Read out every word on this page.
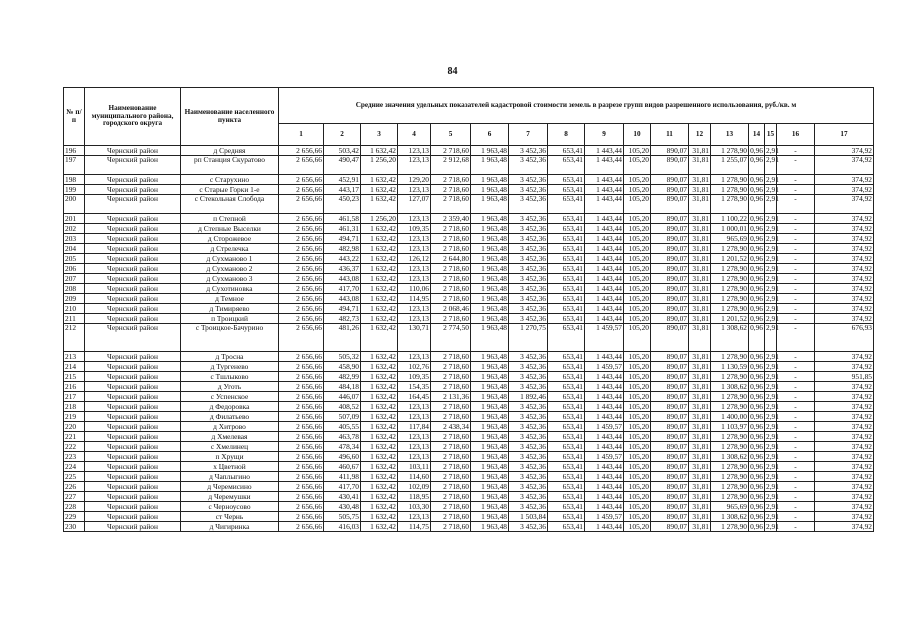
84
№ п/п	Наименование муниципального района, городского округа	Наименование населенного пункта	Средние значения удельных показателей кадастровой стоимости земель в разрезе групп видов разрешенного использования, руб./кв. м																
			1	2	3	4	5	6	7	8	9	10	11	12	13	14	15	16	17
196	Чернский район	д Средняя	2 656,66	503,42	1 632,42	123,13	2 718,60	1 963,48	3 452,36	653,41	1 443,44	105,20	890,07	31,81	1 278,90	0,96	2,91	-	374,92
197	Чернский район	рп Станция Скуратово	2 656,66	490,47	1 256,20	123,13	2 912,68	1 963,48	3 452,36	653,41	1 443,44	105,20	890,07	31,81	1 255,07	0,96	2,91	-	374,92
198	Чернский район	с Старухино	2 656,66	452,91	1 632,42	129,20	2 718,60	1 963,48	3 452,36	653,41	1 443,44	105,20	890,07	31,81	1 278,90	0,96	2,91	-	374,92
199	Чернский район	с Старые Горки 1-е	2 656,66	443,17	1 632,42	123,13	2 718,60	1 963,48	3 452,36	653,41	1 443,44	105,20	890,07	31,81	1 278,90	0,96	2,91	-	374,92
200	Чернский район	с Стекольная Слобода	2 656,66	450,23	1 632,42	127,07	2 718,60	1 963,48	3 452,36	653,41	1 443,44	105,20	890,07	31,81	1 278,90	0,96	2,91	-	374,92
201	Чернский район	п Степной	2 656,66	461,58	1 256,20	123,13	2 359,40	1 963,48	3 452,36	653,41	1 443,44	105,20	890,07	31,81	1 100,22	0,96	2,91	-	374,92
202	Чернский район	д Степные Выселки	2 656,66	461,31	1 632,42	109,35	2 718,60	1 963,48	3 452,36	653,41	1 443,44	105,20	890,07	31,81	1 000,01	0,96	2,91	-	374,92
203	Чернский район	д Сторожевое	2 656,66	494,71	1 632,42	123,13	2 718,60	1 963,48	3 452,36	653,41	1 443,44	105,20	890,07	31,81	965,69	0,96	2,91	-	374,92
204	Чернский район	д Стрелечка	2 656,66	482,98	1 632,42	123,13	2 718,60	1 963,48	3 452,36	653,41	1 443,44	105,20	890,07	31,81	1 278,90	0,96	2,91	-	374,92
205	Чернский район	д Сухманово 1	2 656,66	443,22	1 632,42	126,12	2 644,80	1 963,48	3 452,36	653,41	1 443,44	105,20	890,07	31,81	1 201,52	0,96	2,91	-	374,92
206	Чернский район	д Сухманово 2	2 656,66	436,37	1 632,42	123,13	2 718,60	1 963,48	3 452,36	653,41	1 443,44	105,20	890,07	31,81	1 278,90	0,96	2,91	-	374,92
207	Чернский район	д Сухманово 3	2 656,66	443,08	1 632,42	123,13	2 718,60	1 963,48	3 452,36	653,41	1 443,44	105,20	890,07	31,81	1 278,90	0,96	2,91	-	374,92
208	Чернский район	д Сухотиновка	2 656,66	417,70	1 632,42	110,06	2 718,60	1 963,48	3 452,36	653,41	1 443,44	105,20	890,07	31,81	1 278,90	0,96	2,91	-	374,92
209	Чернский район	д Темное	2 656,66	443,08	1 632,42	114,95	2 718,60	1 963,48	3 452,36	653,41	1 443,44	105,20	890,07	31,81	1 278,90	0,96	2,91	-	374,92
210	Чернский район	д Тимиряево	2 656,66	494,71	1 632,42	123,13	2 068,46	1 963,48	3 452,36	653,41	1 443,44	105,20	890,07	31,81	1 278,90	0,96	2,91	-	374,92
211	Чернский район	п Троицкий	2 656,66	482,73	1 632,42	123,13	2 718,60	1 963,48	3 452,36	653,41	1 443,44	105,20	890,07	31,81	1 201,52	0,96	2,91	-	374,92
212	Чернский район	с Троицкое-Бачурино	2 656,66	481,26	1 632,42	130,71	2 774,50	1 963,48	1 270,75	653,41	1 459,57	105,20	890,07	31,81	1 308,62	0,96	2,91	-	676,93
213	Чернский район	д Тросна	2 656,66	505,32	1 632,42	123,13	2 718,60	1 963,48	3 452,36	653,41	1 443,44	105,20	890,07	31,81	1 278,90	0,96	2,91	-	374,92
214	Чернский район	д Тургенево	2 656,66	458,90	1 632,42	102,76	2 718,60	1 963,48	3 452,36	653,41	1 459,57	105,20	890,07	31,81	1 130,59	0,96	2,91	-	374,92
215	Чернский район	с Тшлыково	2 656,66	482,99	1 632,42	109,35	2 718,60	1 963,48	3 452,36	653,41	1 443,44	105,20	890,07	31,81	1 278,90	0,96	2,91	-	951,85
216	Чернский район	д Уготь	2 656,66	484,18	1 632,42	154,35	2 718,60	1 963,48	3 452,36	653,41	1 443,44	105,20	890,07	31,81	1 308,62	0,96	2,91	-	374,92
217	Чернский район	с Успенское	2 656,66	446,07	1 632,42	164,45	2 131,36	1 963,48	1 892,46	653,41	1 443,44	105,20	890,07	31,81	1 278,90	0,96	2,91	-	374,92
218	Чернский район	д Федоровка	2 656,66	408,52	1 632,42	123,13	2 718,60	1 963,48	3 452,36	653,41	1 443,44	105,20	890,07	31,81	1 278,90	0,96	2,91	-	374,92
219	Чернский район	д Филатьево	2 656,66	507,09	1 632,42	123,13	2 718,60	1 963,48	3 452,36	653,41	1 443,44	105,20	890,07	31,81	1 400,00	0,96	2,91	-	374,92
220	Чернский район	д Хитрово	2 656,66	405,55	1 632,42	117,84	2 438,34	1 963,48	3 452,36	653,41	1 459,57	105,20	890,07	31,81	1 103,97	0,96	2,91	-	374,92
221	Чернский район	д Хмелевая	2 656,66	463,78	1 632,42	123,13	2 718,60	1 963,48	3 452,36	653,41	1 443,44	105,20	890,07	31,81	1 278,90	0,96	2,91	-	374,92
222	Чернский район	с Хмелинец	2 656,66	478,34	1 632,42	123,13	2 718,60	1 963,48	3 452,36	653,41	1 443,44	105,20	890,07	31,81	1 278,90	0,96	2,91	-	374,92
223	Чернский район	п Хрущи	2 656,66	496,60	1 632,42	123,13	2 718,60	1 963,48	3 452,36	653,41	1 459,57	105,20	890,07	31,81	1 308,62	0,96	2,91	-	374,92
224	Чернский район	х Цветной	2 656,66	460,67	1 632,42	103,11	2 718,60	1 963,48	3 452,36	653,41	1 443,44	105,20	890,07	31,81	1 278,90	0,96	2,91	-	374,92
225	Чернский район	д Чаплыгино	2 656,66	411,98	1 632,42	114,60	2 718,60	1 963,48	3 452,36	653,41	1 443,44	105,20	890,07	31,81	1 278,90	0,96	2,91	-	374,92
226	Чернский район	д Черемисино	2 656,66	417,70	1 632,42	102,09	2 718,60	1 963,48	3 452,36	653,41	1 443,44	105,20	890,07	31,81	1 278,90	0,96	2,91	-	374,92
227	Чернский район	д Черемушки	2 656,66	430,41	1 632,42	118,95	2 718,60	1 963,48	3 452,36	653,41	1 443,44	105,20	890,07	31,81	1 278,90	0,96	2,91	-	374,92
228	Чернский район	с Черноусово	2 656,66	430,48	1 632,42	103,30	2 718,60	1 963,48	3 452,36	653,41	1 443,44	105,20	890,07	31,81	965,69	0,96	2,91	-	374,92
229	Чернский район	ст Чернь	2 656,66	505,75	1 632,42	123,13	2 718,60	1 963,48	1 503,84	653,41	1 459,57	105,20	890,07	31,81	1 308,62	0,96	2,91	-	374,92
230	Чернский район	д Чигиринка	2 656,66	416,03	1 632,42	114,75	2 718,60	1 963,48	3 452,36	653,41	1 443,44	105,20	890,07	31,81	1 278,90	0,96	2,91	-	374,92
